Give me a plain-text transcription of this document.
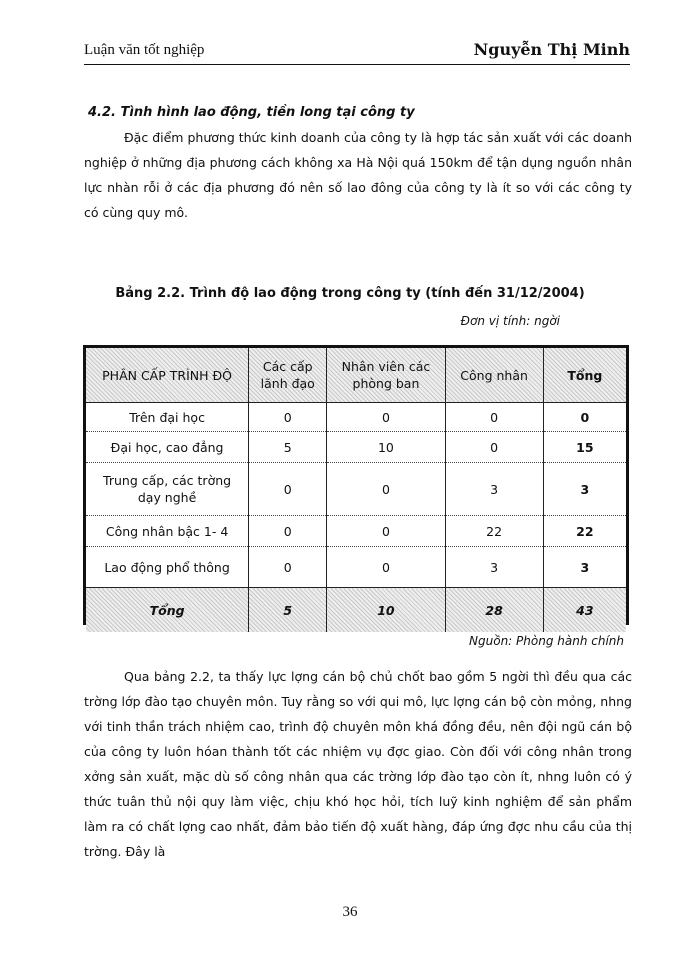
Luận văn tốt nghiệp	Nguyễn Thị Minh
4.2. Tình hình lao động, tiền long tại công ty

Đặc điểm phương thức kinh doanh của công ty là hợp tác sản xuất với các doanh nghiệp ở những địa phương cách không xa Hà Nội quá 150km để tận dụng nguồn nhân lực nhàn rỗi ở các địa phương đó nên số lao đông của công ty là ít so với các công ty có cùng quy mô.

Bảng 2.2. Trình độ lao động trong công ty (tính đến 31/12/2004)
Đơn vị tính: ngời
PHÂN CẤP TRÌNH ĐỘ	Các cấp lãnh đạo	Nhân viên các phòng ban	Công nhân	Tổng
Trên đại học	0	0	0	0
Đại học, cao đẳng	5	10	0	15
Trung cấp, các trờng dạy nghề	0	0	3	3
Công nhân bậc 1- 4	0	0	22	22
Lao động phổ thông	0	0	3	3
Tổng	5	10	28	43
Nguồn: Phòng hành chính

Qua bảng 2.2, ta thấy lực lợng cán bộ chủ chốt bao gồm 5 ngời thì đều qua các trờng lớp đào tạo chuyên môn. Tuy rằng so với qui mô, lực lợng cán bộ còn mỏng, nhng với tinh thần trách nhiệm cao, trình độ chuyên môn khá đồng đều, nên đội ngũ cán bộ của công ty luôn hóan thành tốt các nhiệm vụ đợc giao. Còn đối với công nhân trong xởng sản xuất, mặc dù số công nhân qua các trờng lớp đào tạo còn ít, nhng luôn có ý thức tuân thủ nội quy làm việc, chịu khó học hỏi, tích luỹ kinh nghiệm để sản phẩm làm ra có chất lợng cao nhất, đảm bảo tiến độ xuất hàng, đáp ứng đợc nhu cầu của thị trờng. Đây là

36
